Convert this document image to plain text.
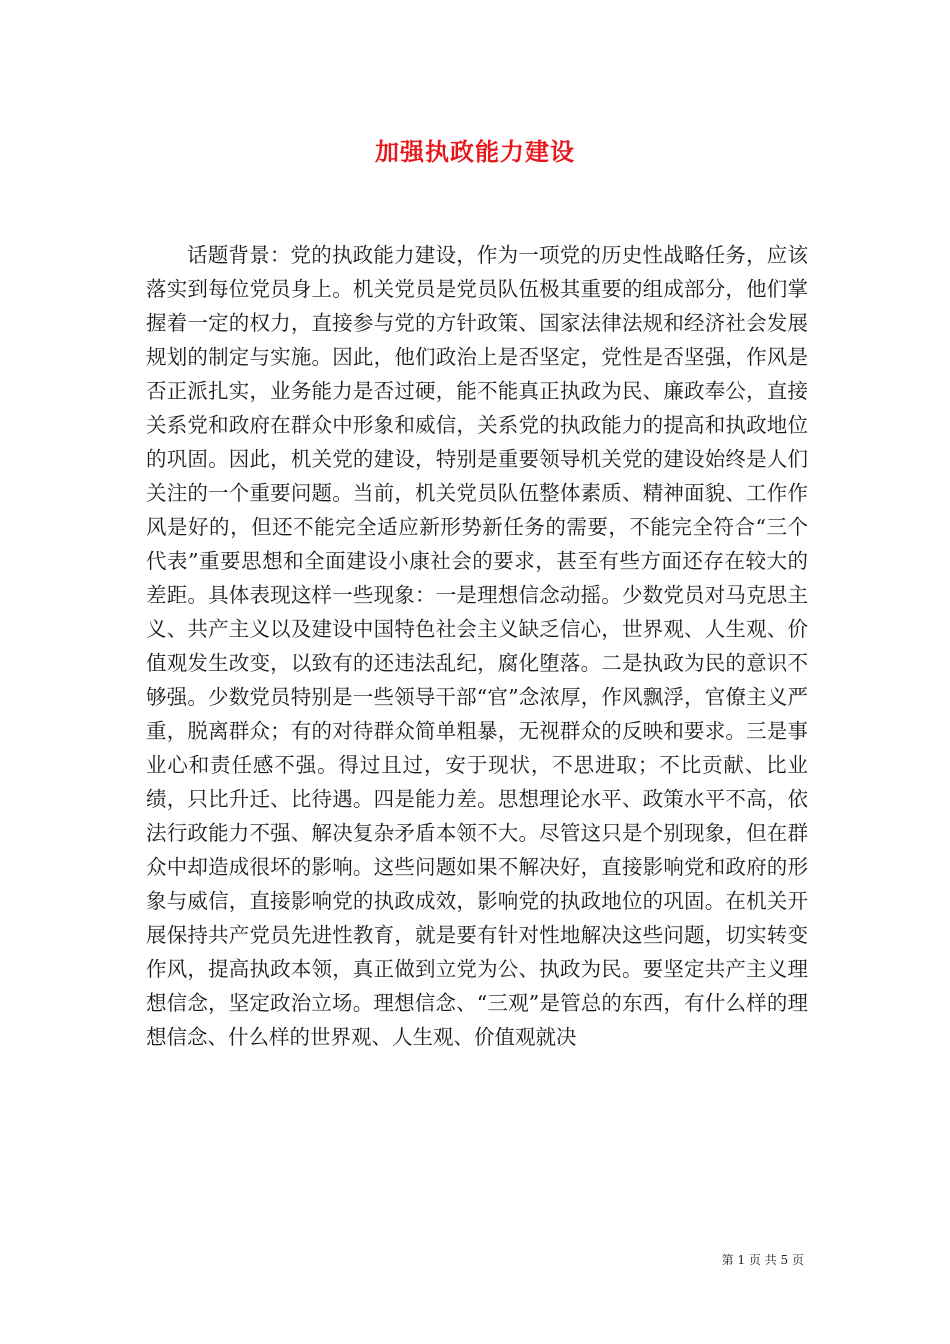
加强执政能力建设

话题背景：党的执政能力建设，作为一项党的历史性战略任务，应该落实到每位党员身上。机关党员是党员队伍极其重要的组成部分，他们掌握着一定的权力，直接参与党的方针政策、国家法律法规和经济社会发展规划的制定与实施。因此，他们政治上是否坚定，党性是否坚强，作风是否正派扎实，业务能力是否过硬，能不能真正执政为民、廉政奉公，直接关系党和政府在群众中形象和威信，关系党的执政能力的提高和执政地位的巩固。因此，机关党的建设，特别是重要领导机关党的建设始终是人们关注的一个重要问题。当前，机关党员队伍整体素质、精神面貌、工作作风是好的，但还不能完全适应新形势新任务的需要，不能完全符合“三个代表”重要思想和全面建设小康社会的要求，甚至有些方面还存在较大的差距。具体表现这样一些现象：一是理想信念动摇。少数党员对马克思主义、共产主义以及建设中国特色社会主义缺乏信心，世界观、人生观、价值观发生改变，以致有的还违法乱纪，腐化堕落。二是执政为民的意识不够强。少数党员特别是一些领导干部“官”念浓厚，作风飘浮，官僚主义严重，脱离群众；有的对待群众简单粗暴，无视群众的反映和要求。三是事业心和责任感不强。得过且过，安于现状，不思进取；不比贡献、比业绩，只比升迁、比待遇。四是能力差。思想理论水平、政策水平不高，依法行政能力不强、解决复杂矛盾本领不大。尽管这只是个别现象，但在群众中却造成很坏的影响。这些问题如果不解决好，直接影响党和政府的形象与威信，直接影响党的执政成效，影响党的执政地位的巩固。在机关开展保持共产党员先进性教育，就是要有针对性地解决这些问题，切实转变作风，提高执政本领，真正做到立党为公、执政为民。要坚定共产主义理想信念，坚定政治立场。理想信念、“三观”是管总的东西，有什么样的理想信念、什么样的世界观、人生观、价值观就决

第 1 页 共 5 页
